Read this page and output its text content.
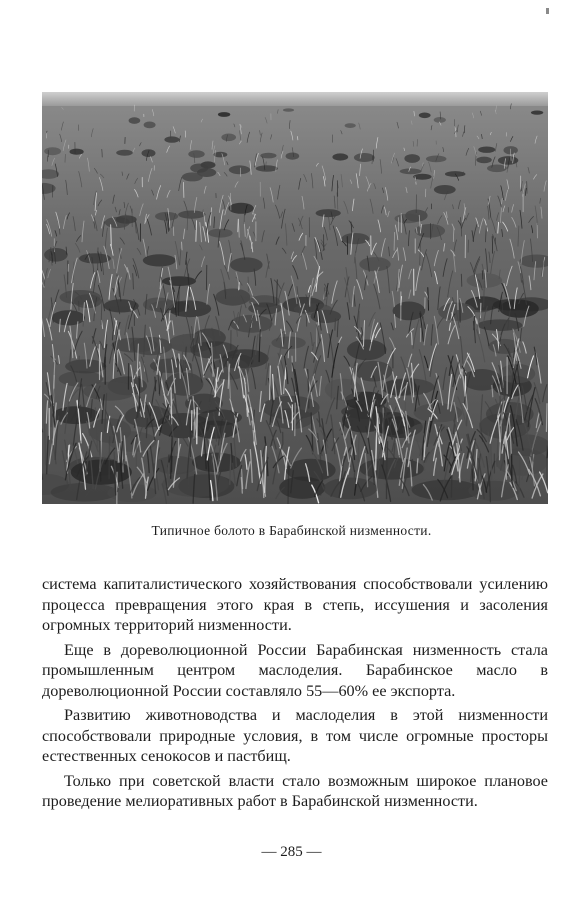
Типичное болото в Барабинской низменности.

система капиталистического хозяйствования способствовали усилению процесса превращения этого края в степь, иссушения и засоления огромных территорий низменности.

Еще в дореволюционной России Барабинская низменность стала промышленным центром маслоделия. Барабинское масло в дореволюционной России составляло 55—60% ее экспорта.

Развитию животноводства и маслоделия в этой низменности способствовали природные условия, в том числе огромные просторы естественных сенокосов и пастбищ.

Только при советской власти стало возможным широкое плановое проведение мелиоративных работ в Барабинской низменности.

— 285 —
